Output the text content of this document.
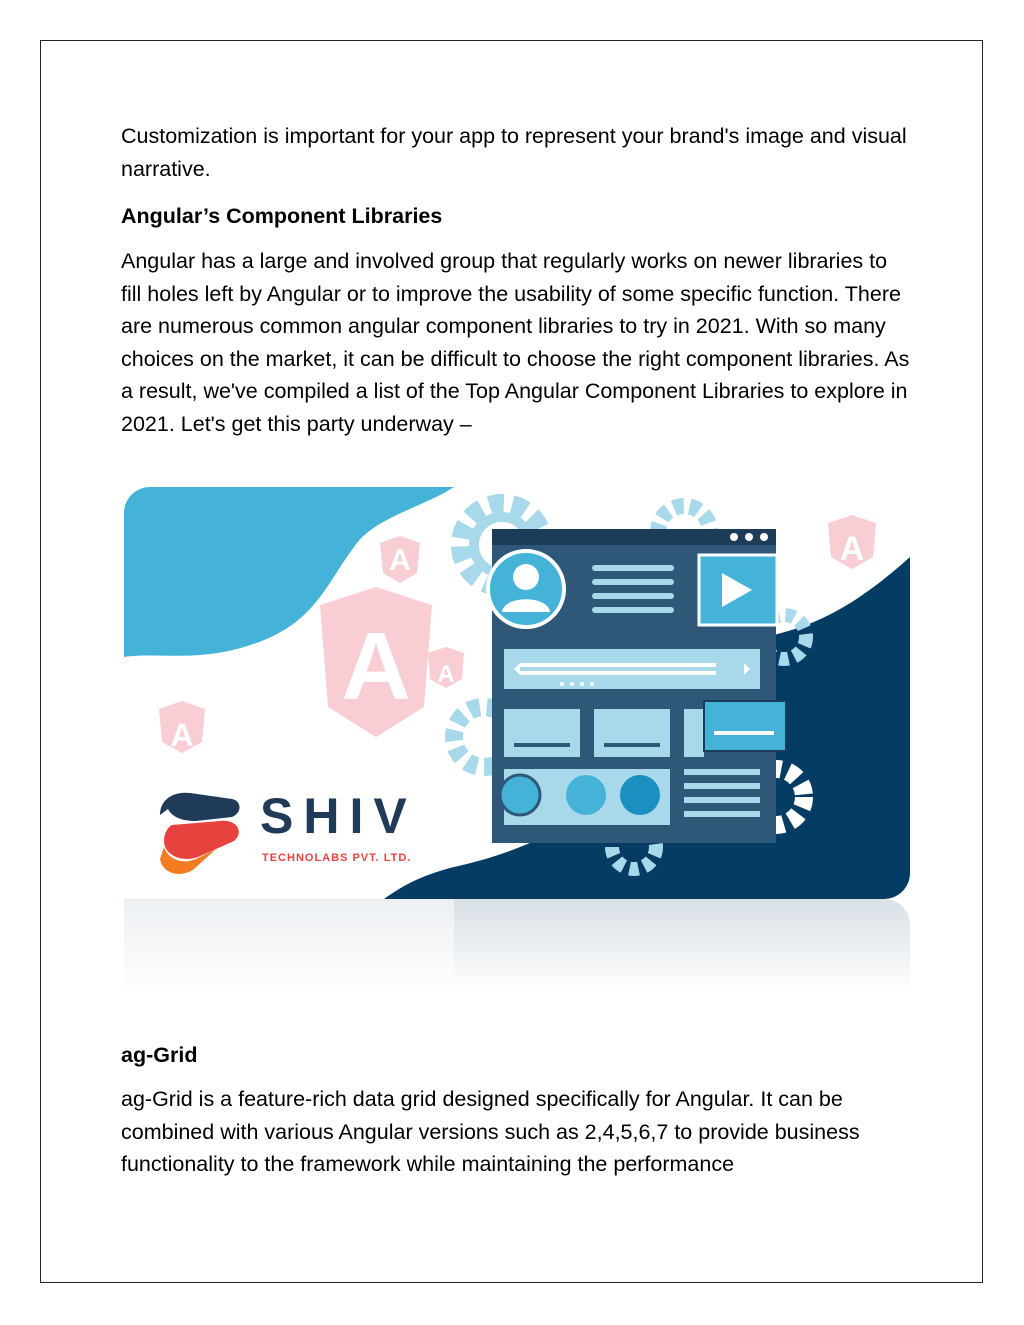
Customization is important for your app to represent your brand's image and visual narrative.

Angular’s Component Libraries

Angular has a large and involved group that regularly works on newer libraries to fill holes left by Angular or to improve the usability of some specific function. There are numerous common angular component libraries to try in 2021. With so many choices on the market, it can be difficult to choose the right component libraries. As a result, we've compiled a list of the Top Angular Component Libraries to explore in 2021. Let's get this party underway –

ag-Grid

ag-Grid is a feature-rich data grid designed specifically for Angular. It can be combined with various Angular versions such as 2,4,5,6,7 to provide business functionality to the framework while maintaining the performance

A
A
A
A
A
SHIV
TECHNOLABS PVT. LTD.
